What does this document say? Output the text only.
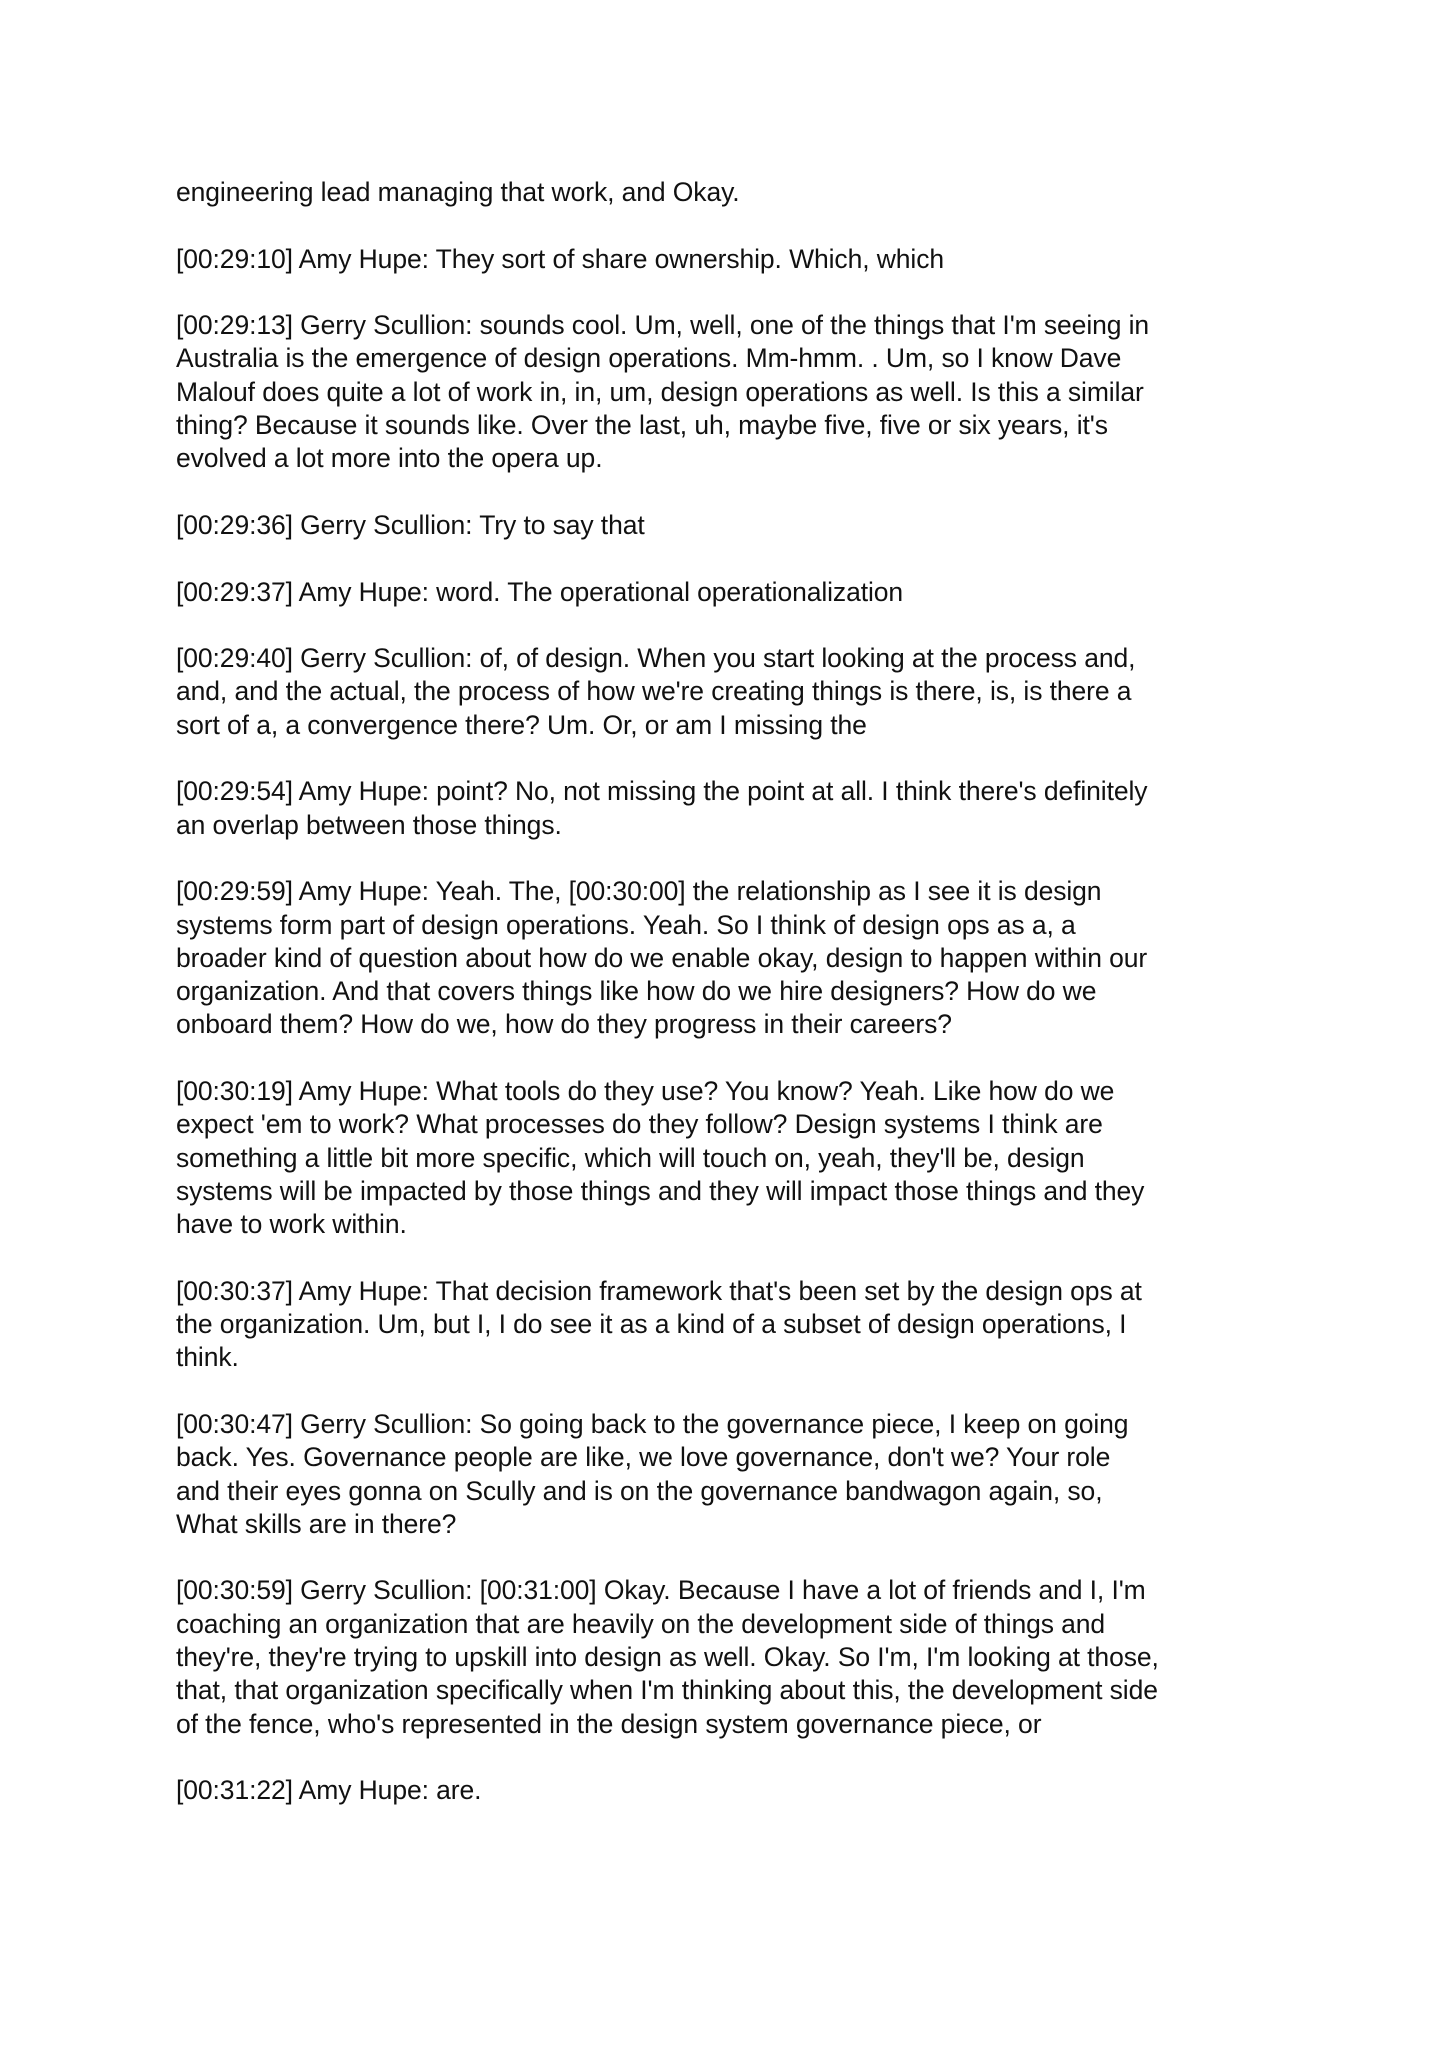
engineering lead managing that work, and Okay.

[00:29:10] Amy Hupe: They sort of share ownership. Which, which

[00:29:13] Gerry Scullion: sounds cool. Um, well, one of the things that I'm seeing in
Australia is the emergence of design operations. Mm-hmm. . Um, so I know Dave
Malouf does quite a lot of work in, in, um, design operations as well. Is this a similar
thing? Because it sounds like. Over the last, uh, maybe five, five or six years, it's
evolved a lot more into the opera up.

[00:29:36] Gerry Scullion: Try to say that

[00:29:37] Amy Hupe: word. The operational operationalization

[00:29:40] Gerry Scullion: of, of design. When you start looking at the process and,
and, and the actual, the process of how we're creating things is there, is, is there a
sort of a, a convergence there? Um. Or, or am I missing the

[00:29:54] Amy Hupe: point? No, not missing the point at all. I think there's definitely
an overlap between those things.

[00:29:59] Amy Hupe: Yeah. The, [00:30:00] the relationship as I see it is design
systems form part of design operations. Yeah. So I think of design ops as a, a
broader kind of question about how do we enable okay, design to happen within our
organization. And that covers things like how do we hire designers? How do we
onboard them? How do we, how do they progress in their careers?

[00:30:19] Amy Hupe: What tools do they use? You know? Yeah. Like how do we
expect 'em to work? What processes do they follow? Design systems I think are
something a little bit more specific, which will touch on, yeah, they'll be, design
systems will be impacted by those things and they will impact those things and they
have to work within.

[00:30:37] Amy Hupe: That decision framework that's been set by the design ops at
the organization. Um, but I, I do see it as a kind of a subset of design operations, I
think.

[00:30:47] Gerry Scullion: So going back to the governance piece, I keep on going
back. Yes. Governance people are like, we love governance, don't we? Your role
and their eyes gonna on Scully and is on the governance bandwagon again, so,
What skills are in there?

[00:30:59] Gerry Scullion: [00:31:00] Okay. Because I have a lot of friends and I, I'm
coaching an organization that are heavily on the development side of things and
they're, they're trying to upskill into design as well. Okay. So I'm, I'm looking at those,
that, that organization specifically when I'm thinking about this, the development side
of the fence, who's represented in the design system governance piece, or

[00:31:22] Amy Hupe: are.
